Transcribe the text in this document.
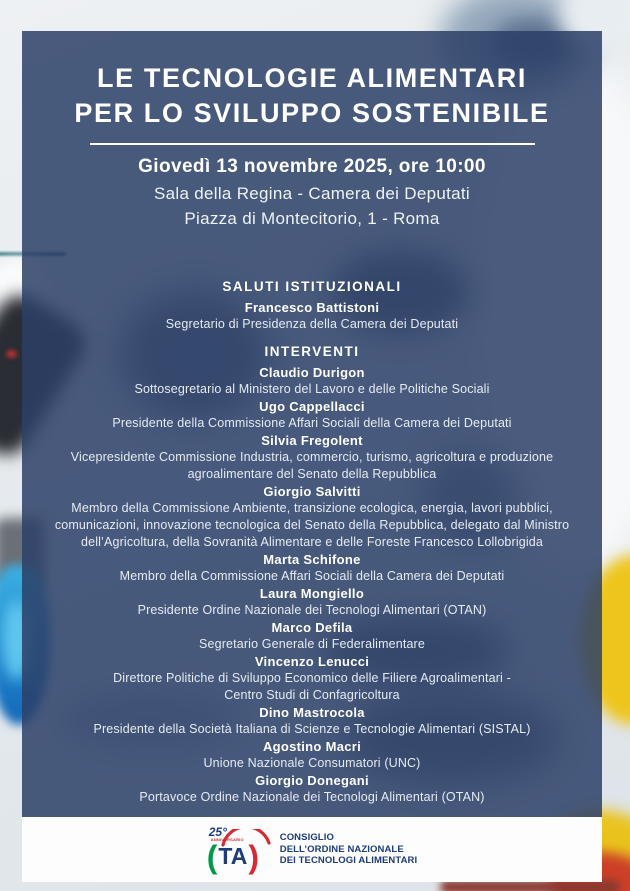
LE TECNOLOGIE ALIMENTARI
PER LO SVILUPPO SOSTENIBILE
Giovedì 13 novembre 2025, ore 10:00
Sala della Regina - Camera dei Deputati
Piazza di Montecitorio, 1 - Roma
SALUTI ISTITUZIONALI
Francesco Battistoni
Segretario di Presidenza della Camera dei Deputati
INTERVENTI
Claudio Durigon
Sottosegretario al Ministero del Lavoro e delle Politiche Sociali
Ugo Cappellacci
Presidente della Commissione Affari Sociali della Camera dei Deputati
Silvia Fregolent
Vicepresidente Commissione Industria, commercio, turismo, agricoltura e produzione agroalimentare del Senato della Repubblica
Giorgio Salvitti
Membro della Commissione Ambiente, transizione ecologica, energia, lavori pubblici, comunicazioni, innovazione tecnologica del Senato della Repubblica, delegato dal Ministro dell’Agricoltura, della Sovranità Alimentare e delle Foreste Francesco Lollobrigida
Marta Schifone
Membro della Commissione Affari Sociali della Camera dei Deputati
Laura Mongiello
Presidente Ordine Nazionale dei Tecnologi Alimentari (OTAN)
Marco Defila
Segretario Generale di Federalimentare
Vincenzo Lenucci
Direttore Politiche di Sviluppo Economico delle Filiere Agroalimentari -
Centro Studi di Confagricoltura
Dino Mastrocola
Presidente della Società Italiana di Scienze e Tecnologie Alimentari (SISTAL)
Agostino Macri
Unione Nazionale Consumatori (UNC)
Giorgio Donegani
Portavoce Ordine Nazionale dei Tecnologi Alimentari (OTAN)
25°
ANNIVERSARIO
( TA )
CONSIGLIO
DELL’ORDINE NAZIONALE
DEI TECNOLOGI ALIMENTARI
